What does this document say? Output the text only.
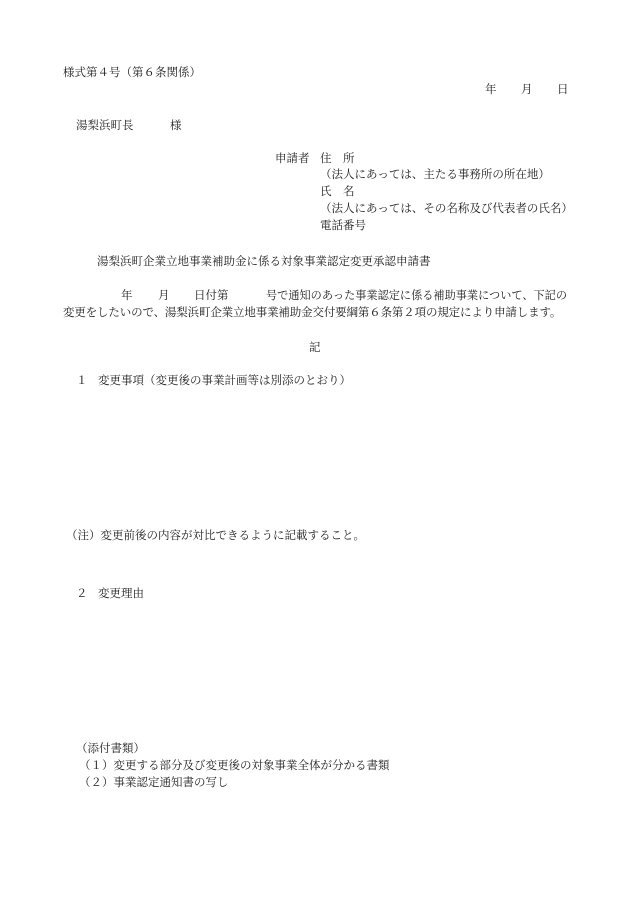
様式第４号（第６条関係）
年 月 日
湯梨浜町長	様
申請者 住　所
（法人にあっては、主たる事務所の所在地）
氏　名
（法人にあっては、その名称及び代表者の氏名）
電話番号
湯梨浜町企業立地事業補助金に係る対象事業認定変更承認申請書
年 月 日付第	号で通知のあった事業認定に係る補助事業について、下記の
変更をしたいので、湯梨浜町企業立地事業補助金交付要綱第６条第２項の規定により申請します。
記
１ 変更事項（変更後の事業計画等は別添のとおり）
（注）変更前後の内容が対比できるように記載すること。
２ 変更理由
（添付書類）
（１）変更する部分及び変更後の対象事業全体が分かる書類
（２）事業認定通知書の写し
